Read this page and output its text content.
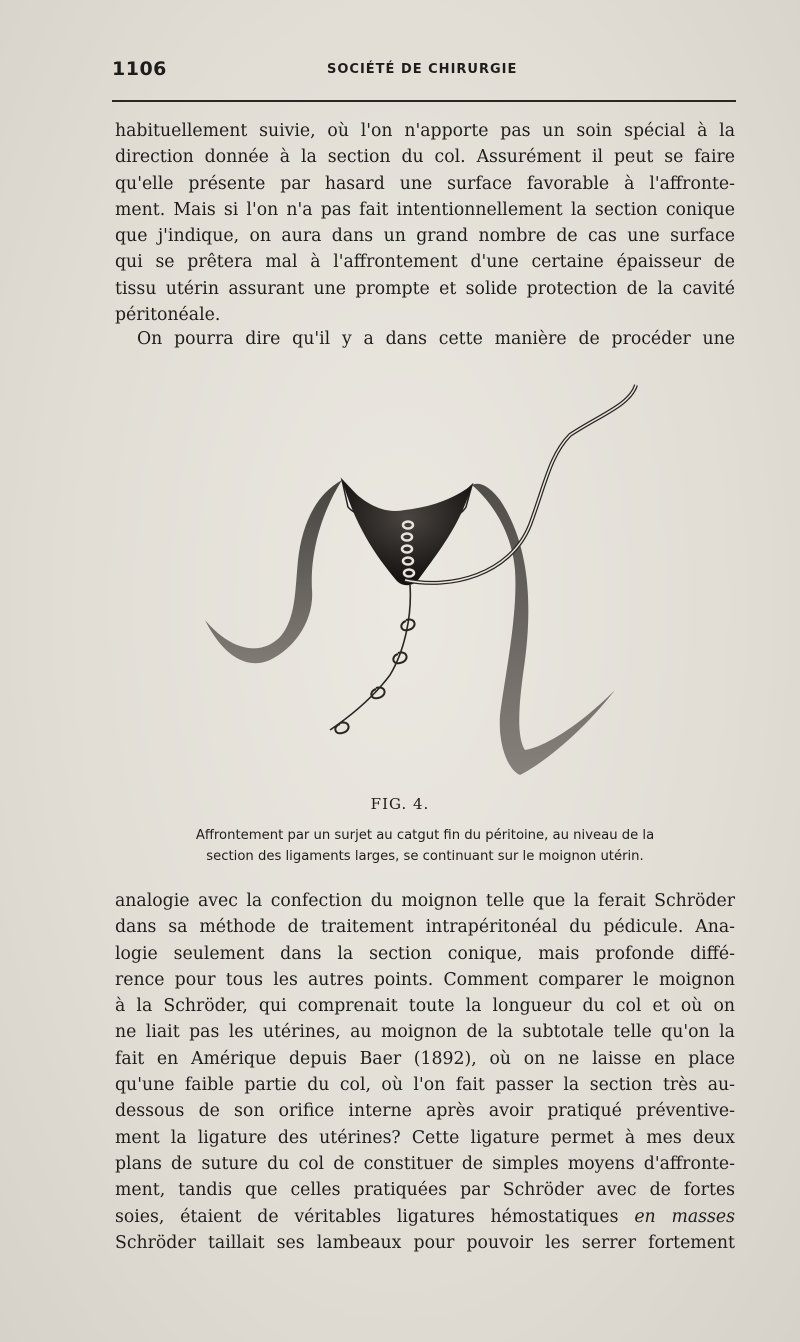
1106	SOCIÉTÉ DE CHIRURGIE
habituellement suivie, où l'on n'apporte pas un soin spécial à la
direction donnée à la section du col. Assurément il peut se faire
qu'elle présente par hasard une surface favorable à l'affronte-
ment. Mais si l'on n'a pas fait intentionnellement la section conique
que j'indique, on aura dans un grand nombre de cas une surface
qui se prêtera mal à l'affrontement d'une certaine épaisseur de
tissu utérin assurant une prompte et solide protection de la cavité
péritonéale.
On pourra dire qu'il y a dans cette manière de procéder une
FIG. 4.
Affrontement par un surjet au catgut fin du péritoine, au niveau de la
section des ligaments larges, se continuant sur le moignon utérin.
analogie avec la confection du moignon telle que la ferait Schröder
dans sa méthode de traitement intrapéritonéal du pédicule. Ana-
logie seulement dans la section conique, mais profonde diffé-
rence pour tous les autres points. Comment comparer le moignon
à la Schröder, qui comprenait toute la longueur du col et où on
ne liait pas les utérines, au moignon de la subtotale telle qu'on la
fait en Amérique depuis Baer (1892), où on ne laisse en place
qu'une faible partie du col, où l'on fait passer la section très au-
dessous de son orifice interne après avoir pratiqué préventive-
ment la ligature des utérines? Cette ligature permet à mes deux
plans de suture du col de constituer de simples moyens d'affronte-
ment, tandis que celles pratiquées par Schröder avec de fortes
soies, étaient de véritables ligatures hémostatiques en masses
Schröder taillait ses lambeaux pour pouvoir les serrer fortement
